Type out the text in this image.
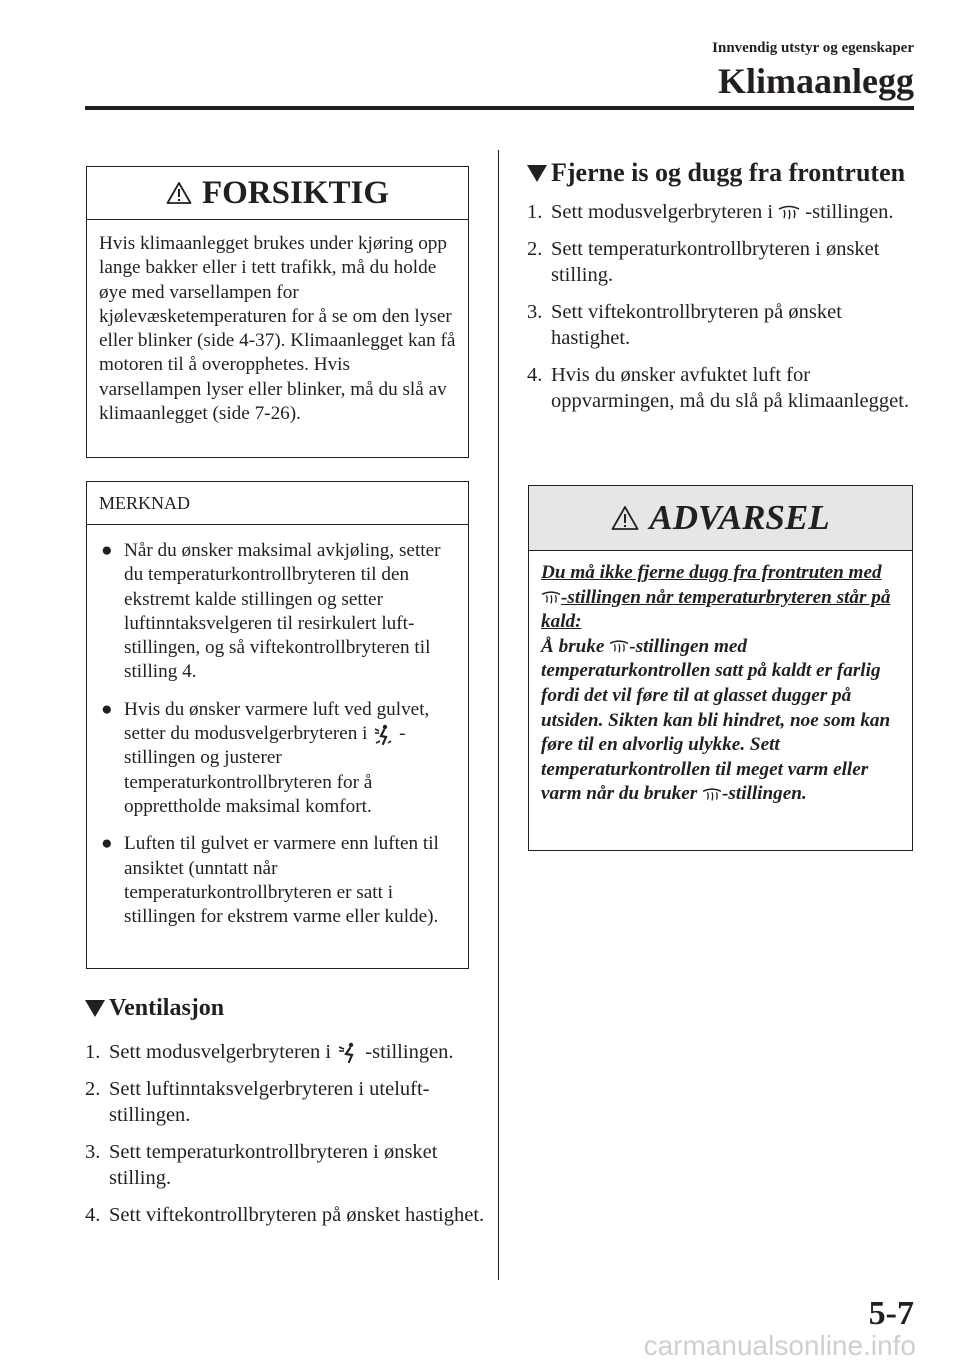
Innvendig utstyr og egenskaper
Klimaanlegg
FORSIKTIG
Hvis klimaanlegget brukes under kjøring opp lange bakker eller i tett trafikk, må du holde øye med varsellampen for kjølevæsketemperaturen for å se om den lyser eller blinker (side 4-37). Klimaanlegget kan få motoren til å overopphetes. Hvis varsellampen lyser eller blinker, må du slå av klimaanlegget (side 7-26).
MERKNAD
● Når du ønsker maksimal avkjøling, setter du temperaturkontrollbryteren til den ekstremt kalde stillingen og setter luftinntaksvelgeren til resirkulert luft-stillingen, og så viftekontrollbryteren til stilling 4.
● Hvis du ønsker varmere luft ved gulvet, setter du modusvelgerbryteren i -stillingen og justerer temperaturkontrollbryteren for å opprettholde maksimal komfort.
● Luften til gulvet er varmere enn luften til ansiktet (unntatt når temperaturkontrollbryteren er satt i stillingen for ekstrem varme eller kulde).
Ventilasjon
1. Sett modusvelgerbryteren i -stillingen.
2. Sett luftinntaksvelgerbryteren i uteluft-stillingen.
3. Sett temperaturkontrollbryteren i ønsket stilling.
4. Sett viftekontrollbryteren på ønsket hastighet.
Fjerne is og dugg fra frontruten
1. Sett modusvelgerbryteren i -stillingen.
2. Sett temperaturkontrollbryteren i ønsket stilling.
3. Sett viftekontrollbryteren på ønsket hastighet.
4. Hvis du ønsker avfuktet luft for oppvarmingen, må du slå på klimaanlegget.
ADVARSEL
Du må ikke fjerne dugg fra frontruten med -stillingen når temperaturbryteren står på kald:
Å bruke -stillingen med temperaturkontrollen satt på kaldt er farlig fordi det vil føre til at glasset dugger på utsiden. Sikten kan bli hindret, noe som kan føre til en alvorlig ulykke. Sett temperaturkontrollen til meget varm eller varm når du bruker -stillingen.
5-7
carmanualsonline.info
